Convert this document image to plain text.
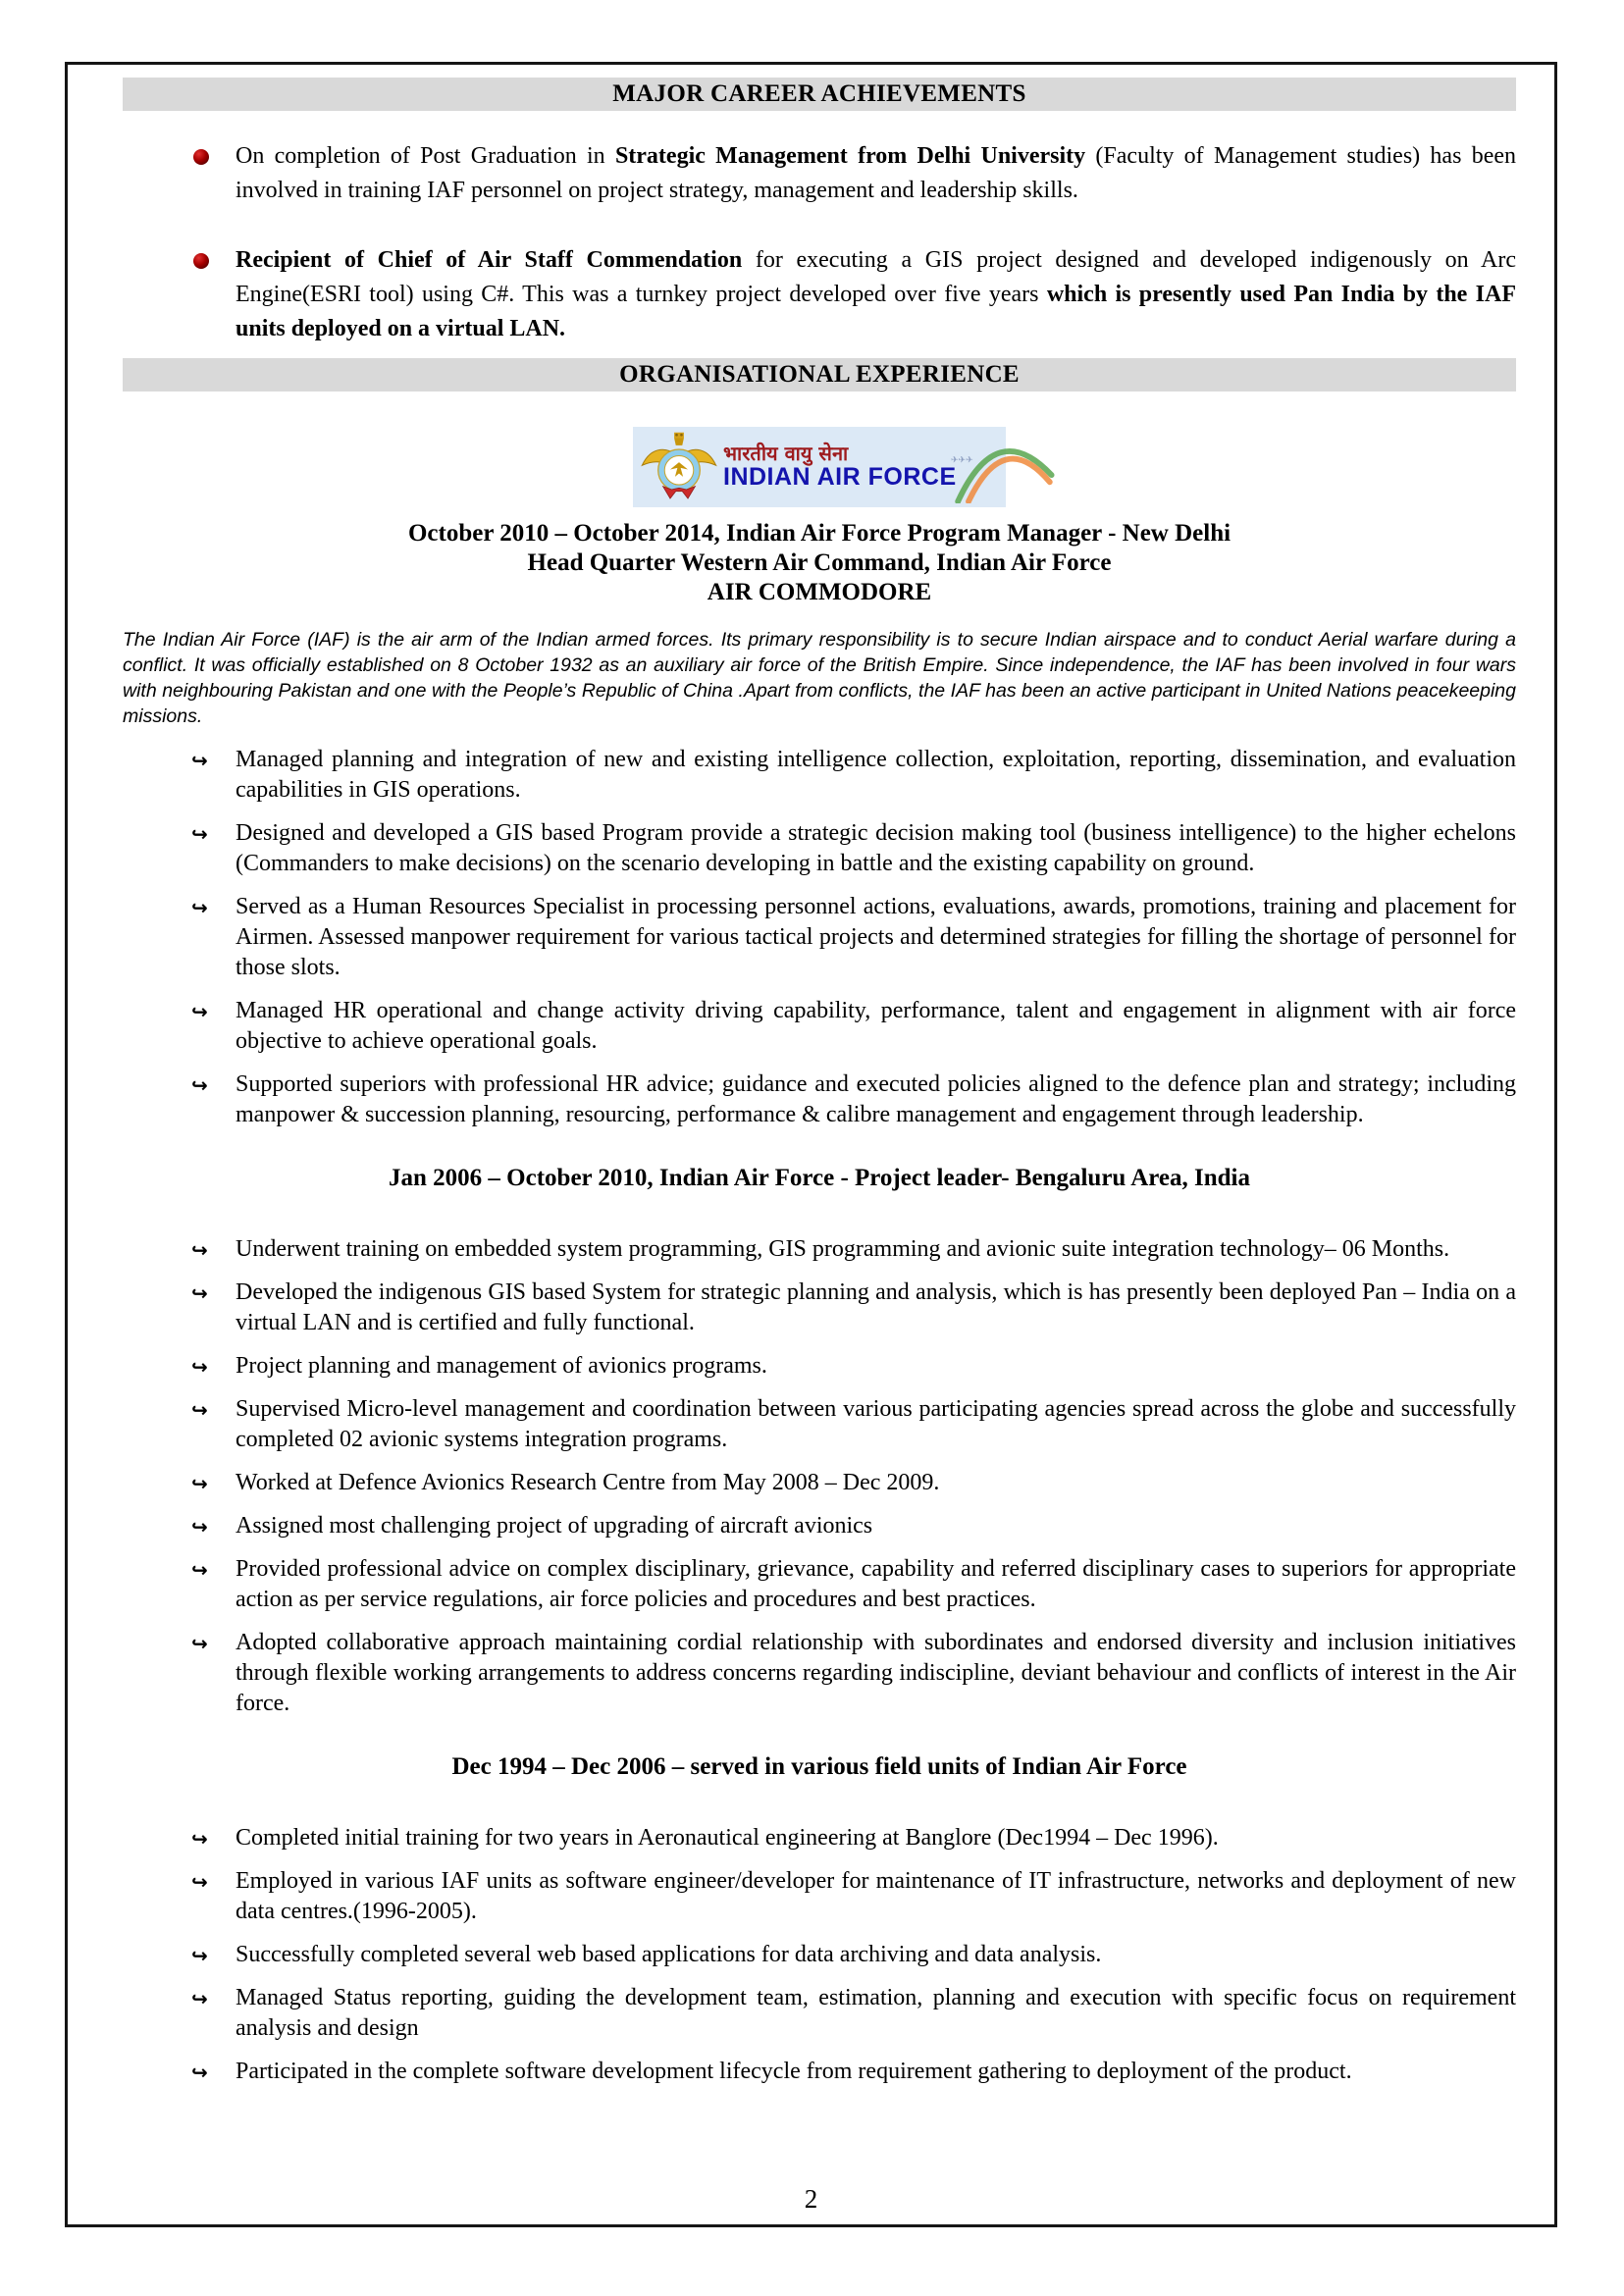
MAJOR CAREER ACHIEVEMENTS

On completion of Post Graduation in Strategic Management from Delhi University (Faculty of Management studies) has been involved in training IAF personnel on project strategy, management and leadership skills.

Recipient of Chief of Air Staff Commendation for executing a GIS project designed and developed indigenously on Arc Engine(ESRI tool) using C#. This was a turnkey project developed over five years which is presently used Pan India by the IAF units deployed on a virtual LAN.

ORGANISATIONAL EXPERIENCE
भारतीय वायु सेना
INDIAN AIR FORCE
✈✈✈
October 2010 – October 2014, Indian Air Force Program Manager - New Delhi
Head Quarter Western Air Command, Indian Air Force
AIR COMMODORE

The Indian Air Force (IAF) is the air arm of the Indian armed forces. Its primary responsibility is to secure Indian airspace and to conduct Aerial warfare during a conflict. It was officially established on 8 October 1932 as an auxiliary air force of the British Empire. Since independence, the IAF has been involved in four wars with neighbouring Pakistan and one with the People’s Republic of China .Apart from conflicts, the IAF has been an active participant in United Nations peacekeeping missions.

↪ Managed planning and integration of new and existing intelligence collection, exploitation, reporting, dissemination, and evaluation capabilities in GIS operations.
↪ Designed and developed a GIS based Program provide a strategic decision making tool (business intelligence) to the higher echelons (Commanders to make decisions) on the scenario developing in battle and the existing capability on ground.
↪ Served as a Human Resources Specialist in processing personnel actions, evaluations, awards, promotions, training and placement for Airmen. Assessed manpower requirement for various tactical projects and determined strategies for filling the shortage of personnel for those slots.
↪ Managed HR operational and change activity driving capability, performance, talent and engagement in alignment with air force objective to achieve operational goals.
↪ Supported superiors with professional HR advice; guidance and executed policies aligned to the defence plan and strategy; including manpower & succession planning, resourcing, performance & calibre management and engagement through leadership.
Jan 2006 – October 2010, Indian Air Force - Project leader- Bengaluru Area, India
↪ Underwent training on embedded system programming, GIS programming and avionic suite integration technology– 06 Months.
↪ Developed the indigenous GIS based System for strategic planning and analysis, which is has presently been deployed Pan – India on a virtual LAN and is certified and fully functional.
↪ Project planning and management of avionics programs.
↪ Supervised Micro-level management and coordination between various participating agencies spread across the globe and successfully completed 02 avionic systems integration programs.
↪ Worked at Defence Avionics Research Centre from May 2008 – Dec 2009.
↪ Assigned most challenging project of upgrading of aircraft avionics
↪ Provided professional advice on complex disciplinary, grievance, capability and referred disciplinary cases to superiors for appropriate action as per service regulations, air force policies and procedures and best practices.
↪ Adopted collaborative approach maintaining cordial relationship with subordinates and endorsed diversity and inclusion initiatives through flexible working arrangements to address concerns regarding indiscipline, deviant behaviour and conflicts of interest in the Air force.
Dec 1994 – Dec 2006 – served in various field units of Indian Air Force
↪ Completed initial training for two years in Aeronautical engineering at Banglore (Dec1994 – Dec 1996).
↪ Employed in various IAF units as software engineer/developer for maintenance of IT infrastructure, networks and deployment of new data centres.(1996-2005).
↪ Successfully completed several web based applications for data archiving and data analysis.
↪ Managed Status reporting, guiding the development team, estimation, planning and execution with specific focus on requirement analysis and design
↪ Participated in the complete software development lifecycle from requirement gathering to deployment of the product.
2
